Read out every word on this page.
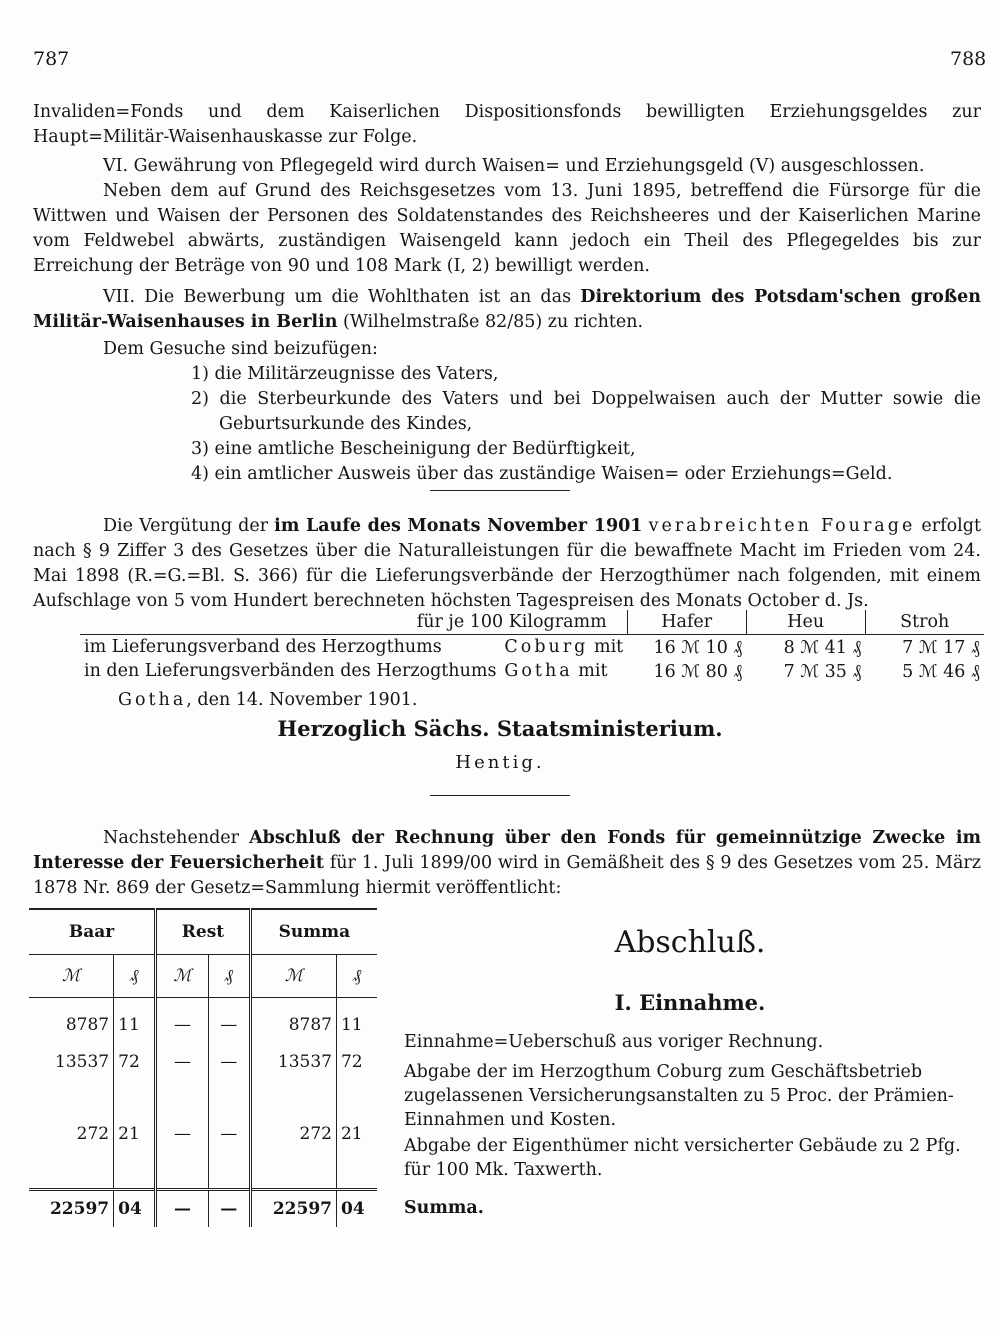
787	788

Invaliden=Fonds und dem Kaiserlichen Dispositionsfonds bewilligten Erziehungsgeldes zur Haupt=Militär-Waisenhauskasse zur Folge.

VI. Gewährung von Pflegegeld wird durch Waisen= und Erziehungsgeld (V) ausgeschlossen.

Neben dem auf Grund des Reichsgesetzes vom 13. Juni 1895, betreffend die Fürsorge für die Wittwen und Waisen der Personen des Soldatenstandes des Reichsheeres und der Kaiserlichen Marine vom Feldwebel abwärts, zuständigen Waisengeld kann jedoch ein Theil des Pflegegeldes bis zur Erreichung der Beträge von 90 und 108 Mark (I, 2) bewilligt werden.

VII. Die Bewerbung um die Wohlthaten ist an das Direktorium des Potsdam'schen großen Militär-Waisenhauses in Berlin (Wilhelmstraße 82/85) zu richten.

Dem Gesuche sind beizufügen:

1) die Militärzeugnisse des Vaters,

2) die Sterbeurkunde des Vaters und bei Doppelwaisen auch der Mutter sowie die Geburtsurkunde des Kindes,

3) eine amtliche Bescheinigung der Bedürftigkeit,

4) ein amtlicher Ausweis über das zuständige Waisen= oder Erziehungs=Geld.

Die Vergütung der im Laufe des Monats November 1901 verabreichten Fourage erfolgt nach § 9 Ziffer 3 des Gesetzes über die Naturalleistungen für die bewaffnete Macht im Frieden vom 24. Mai 1898 (R.=G.=Bl. S. 366) für die Lieferungsverbände der Herzogthümer nach folgenden, mit einem Aufschlage von 5 vom Hundert berechneten höchsten Tagespreisen des Monats October d. Js.

für je 100 Kilogramm		Hafer	Heu	Stroh
im Lieferungsverband des Herzogthums	Coburg mit	16 ℳ 10 ₰	8 ℳ 41 ₰	7 ℳ 17 ₰
in den Lieferungsverbänden des Herzogthums	Gotha mit	16 ℳ 80 ₰	7 ℳ 35 ₰	5 ℳ 46 ₰
Gotha, den 14. November 1901.
Herzoglich Sächs. Staatsministerium.
Hentig.

Nachstehender Abschluß der Rechnung über den Fonds für gemeinnützige Zwecke im Interesse der Feuersicherheit für 1. Juli 1899/00 wird in Gemäßheit des § 9 des Gesetzes vom 25. März 1878 Nr. 869 der Gesetz=Sammlung hiermit veröffentlicht:

Baar		Rest		Summa	
ℳ	₰	ℳ	₰	ℳ	₰
8787	11	—	—	8787	11
13537	72	—	—	13537	72
272	21	—	—	272	21
22597	04	—	—	22597	04
Abschluß.
I. Einnahme.
Einnahme=Ueberschuß aus voriger Rechnung.
Abgabe der im Herzogthum Coburg zum Geschäftsbetrieb zugelassenen Versicherungsanstalten zu 5 Proc. der Prämien-Einnahmen und Kosten.
Abgabe der Eigenthümer nicht versicherter Gebäude zu 2 Pfg. für 100 Mk. Taxwerth.
Summa.
